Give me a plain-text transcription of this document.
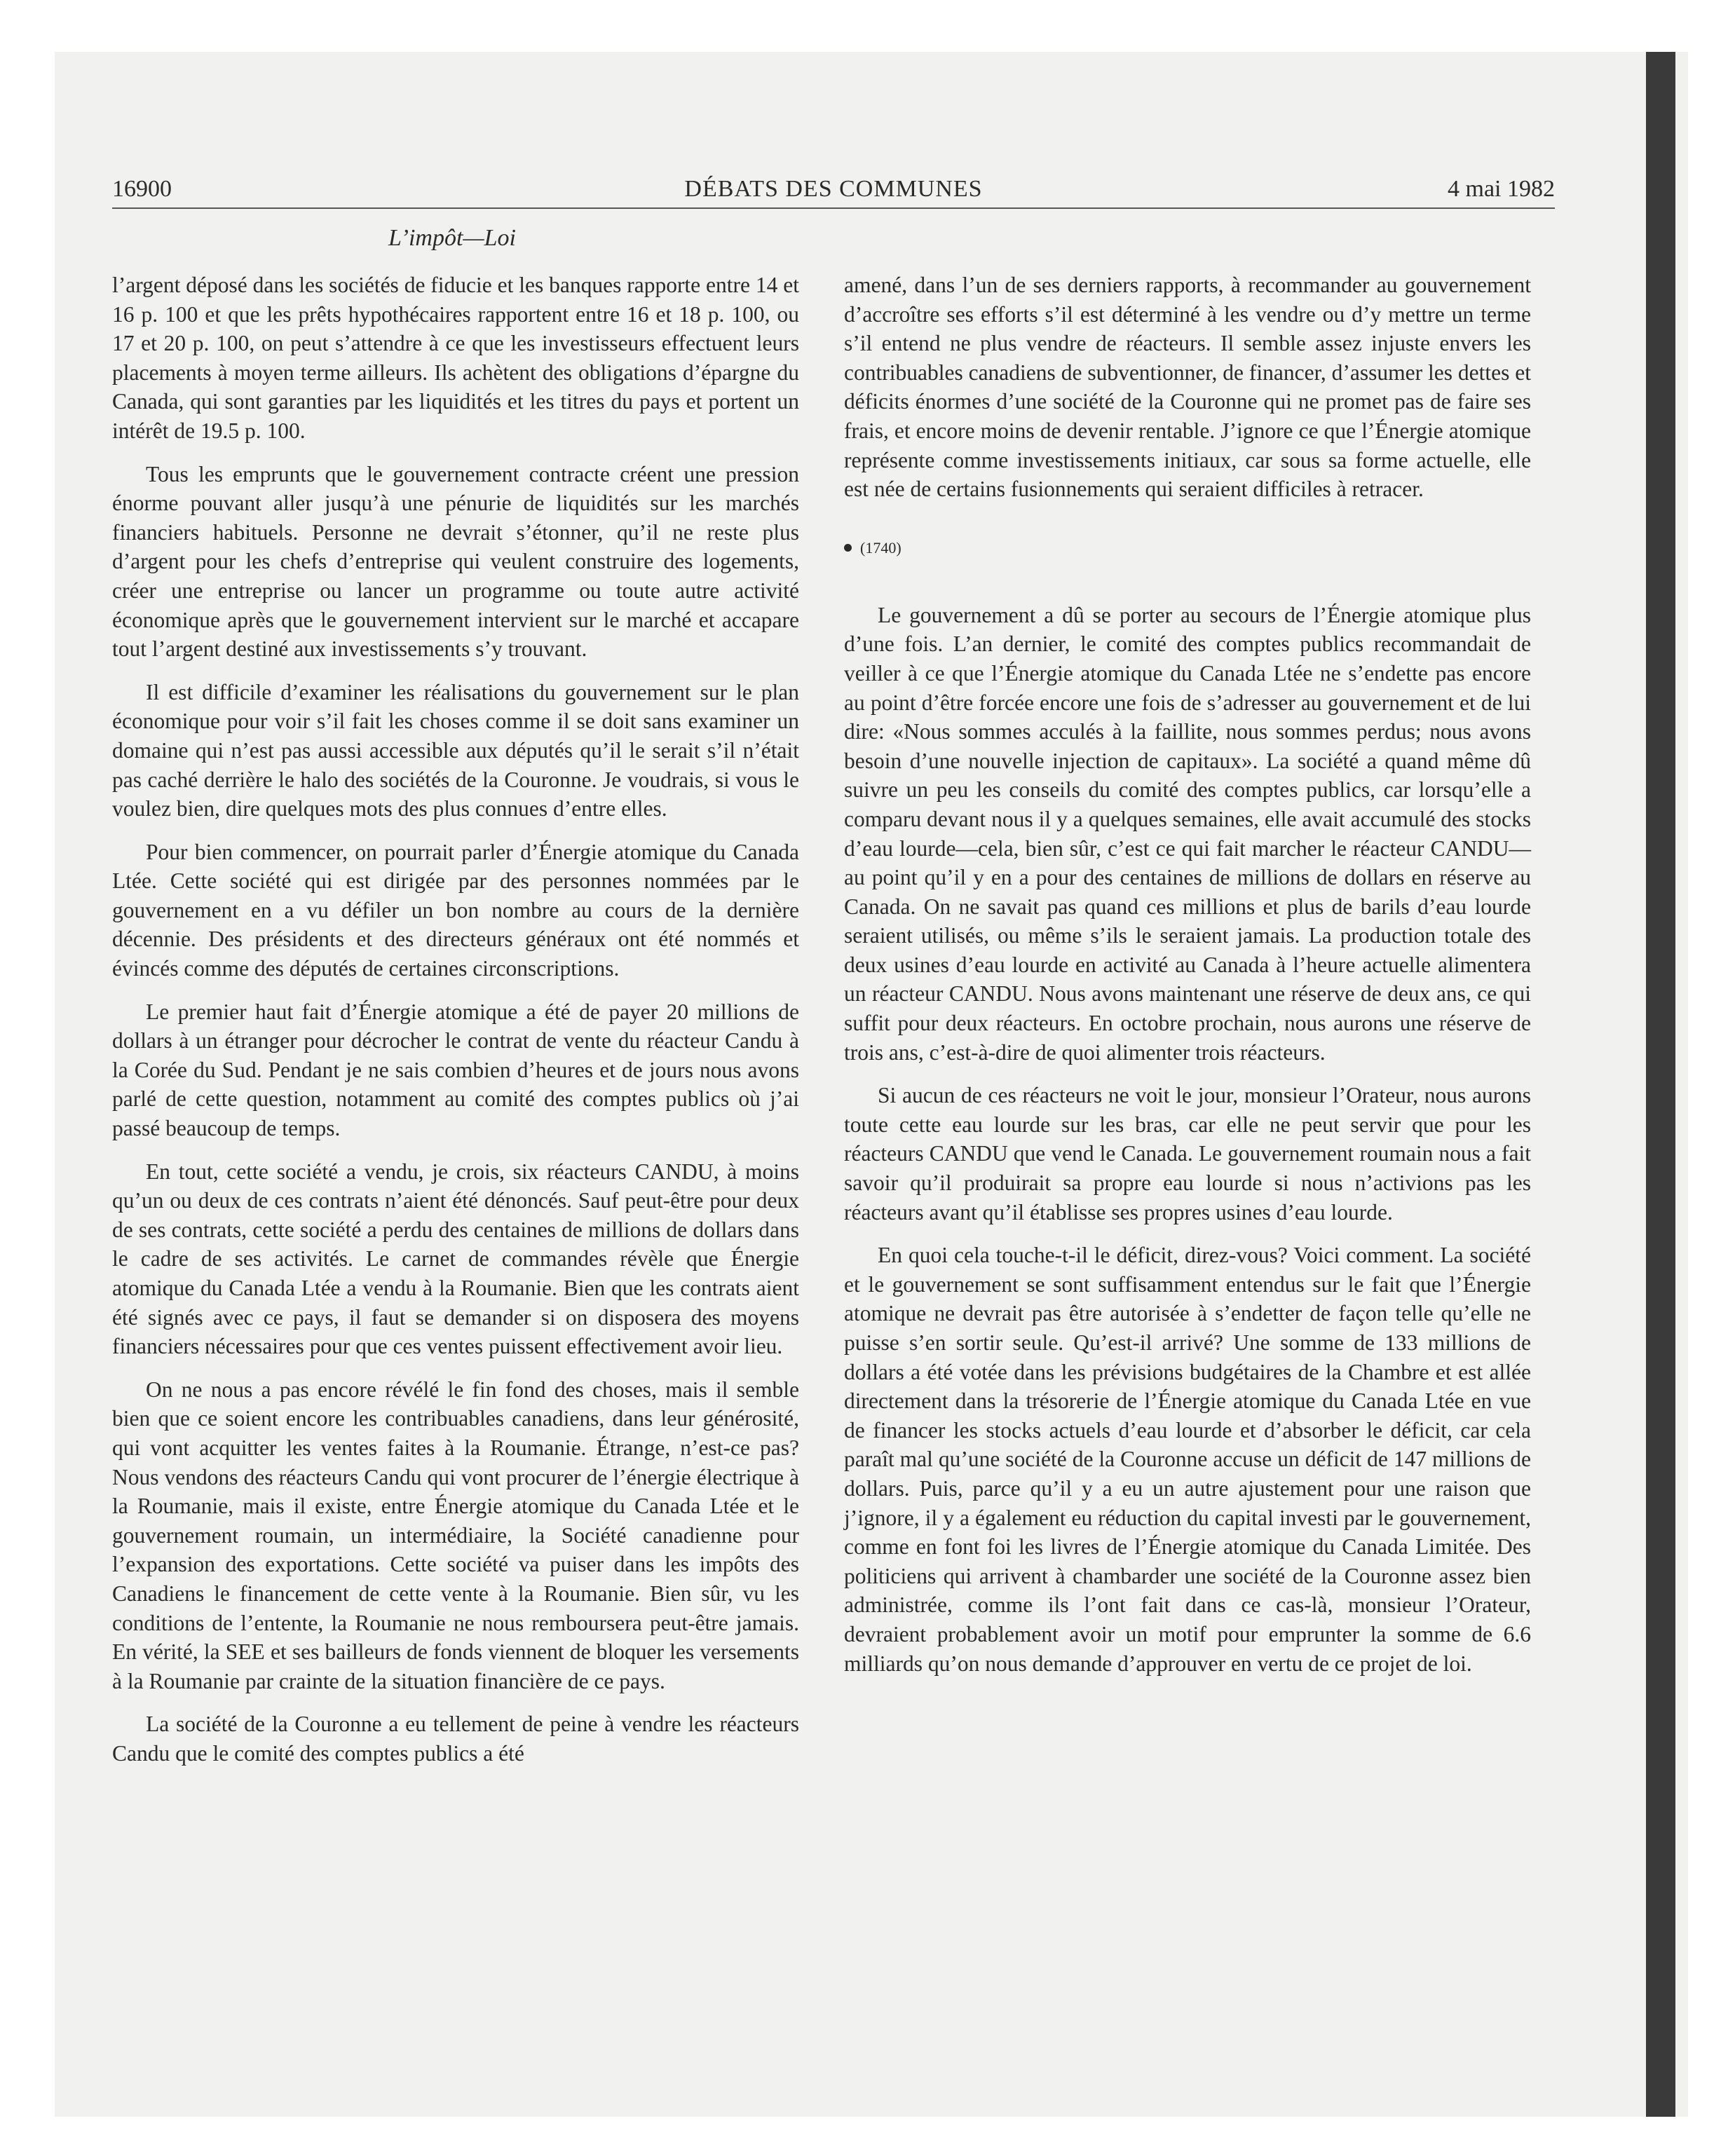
16900	DÉBATS DES COMMUNES	4 mai 1982
L’impôt—Loi

l’argent déposé dans les sociétés de fiducie et les banques rapporte entre 14 et 16 p. 100 et que les prêts hypothécaires rapportent entre 16 et 18 p. 100, ou 17 et 20 p. 100, on peut s’attendre à ce que les investisseurs effectuent leurs placements à moyen terme ailleurs. Ils achètent des obligations d’épargne du Canada, qui sont garanties par les liquidités et les titres du pays et portent un intérêt de 19.5 p. 100.

Tous les emprunts que le gouvernement contracte créent une pression énorme pouvant aller jusqu’à une pénurie de liquidités sur les marchés financiers habituels. Personne ne devrait s’étonner, qu’il ne reste plus d’argent pour les chefs d’entreprise qui veulent construire des logements, créer une entreprise ou lancer un programme ou toute autre activité économique après que le gouvernement intervient sur le marché et accapare tout l’argent destiné aux investissements s’y trouvant.

Il est difficile d’examiner les réalisations du gouvernement sur le plan économique pour voir s’il fait les choses comme il se doit sans examiner un domaine qui n’est pas aussi accessible aux députés qu’il le serait s’il n’était pas caché derrière le halo des sociétés de la Couronne. Je voudrais, si vous le voulez bien, dire quelques mots des plus connues d’entre elles.

Pour bien commencer, on pourrait parler d’Énergie atomique du Canada Ltée. Cette société qui est dirigée par des personnes nommées par le gouvernement en a vu défiler un bon nombre au cours de la dernière décennie. Des présidents et des directeurs généraux ont été nommés et évincés comme des députés de certaines circonscriptions.

Le premier haut fait d’Énergie atomique a été de payer 20 millions de dollars à un étranger pour décrocher le contrat de vente du réacteur Candu à la Corée du Sud. Pendant je ne sais combien d’heures et de jours nous avons parlé de cette question, notamment au comité des comptes publics où j’ai passé beaucoup de temps.

En tout, cette société a vendu, je crois, six réacteurs CANDU, à moins qu’un ou deux de ces contrats n’aient été dénoncés. Sauf peut-être pour deux de ses contrats, cette société a perdu des centaines de millions de dollars dans le cadre de ses activités. Le carnet de commandes révèle que Énergie atomique du Canada Ltée a vendu à la Roumanie. Bien que les contrats aient été signés avec ce pays, il faut se demander si on disposera des moyens financiers nécessaires pour que ces ventes puissent effectivement avoir lieu.

On ne nous a pas encore révélé le fin fond des choses, mais il semble bien que ce soient encore les contribuables canadiens, dans leur générosité, qui vont acquitter les ventes faites à la Roumanie. Étrange, n’est-ce pas? Nous vendons des réacteurs Candu qui vont procurer de l’énergie électrique à la Roumanie, mais il existe, entre Énergie atomique du Canada Ltée et le gouvernement roumain, un intermédiaire, la Société canadienne pour l’expansion des exportations. Cette société va puiser dans les impôts des Canadiens le financement de cette vente à la Roumanie. Bien sûr, vu les conditions de l’entente, la Roumanie ne nous remboursera peut-être jamais. En vérité, la SEE et ses bailleurs de fonds viennent de bloquer les versements à la Roumanie par crainte de la situation financière de ce pays.

La société de la Couronne a eu tellement de peine à vendre les réacteurs Candu que le comité des comptes publics a été

amené, dans l’un de ses derniers rapports, à recommander au gouvernement d’accroître ses efforts s’il est déterminé à les vendre ou d’y mettre un terme s’il entend ne plus vendre de réacteurs. Il semble assez injuste envers les contribuables canadiens de subventionner, de financer, d’assumer les dettes et déficits énormes d’une société de la Couronne qui ne promet pas de faire ses frais, et encore moins de devenir rentable. J’ignore ce que l’Énergie atomique représente comme investissements initiaux, car sous sa forme actuelle, elle est née de certains fusionnements qui seraient difficiles à retracer.

(1740)

Le gouvernement a dû se porter au secours de l’Énergie atomique plus d’une fois. L’an dernier, le comité des comptes publics recommandait de veiller à ce que l’Énergie atomique du Canada Ltée ne s’endette pas encore au point d’être forcée encore une fois de s’adresser au gouvernement et de lui dire: «Nous sommes acculés à la faillite, nous sommes perdus; nous avons besoin d’une nouvelle injection de capitaux». La société a quand même dû suivre un peu les conseils du comité des comptes publics, car lorsqu’elle a comparu devant nous il y a quelques semaines, elle avait accumulé des stocks d’eau lourde—cela, bien sûr, c’est ce qui fait marcher le réacteur CANDU—au point qu’il y en a pour des centaines de millions de dollars en réserve au Canada. On ne savait pas quand ces millions et plus de barils d’eau lourde seraient utilisés, ou même s’ils le seraient jamais. La production totale des deux usines d’eau lourde en activité au Canada à l’heure actuelle alimentera un réacteur CANDU. Nous avons maintenant une réserve de deux ans, ce qui suffit pour deux réacteurs. En octobre prochain, nous aurons une réserve de trois ans, c’est-à-dire de quoi alimenter trois réacteurs.

Si aucun de ces réacteurs ne voit le jour, monsieur l’Orateur, nous aurons toute cette eau lourde sur les bras, car elle ne peut servir que pour les réacteurs CANDU que vend le Canada. Le gouvernement roumain nous a fait savoir qu’il produirait sa propre eau lourde si nous n’activions pas les réacteurs avant qu’il établisse ses propres usines d’eau lourde.

En quoi cela touche-t-il le déficit, direz-vous? Voici comment. La société et le gouvernement se sont suffisamment entendus sur le fait que l’Énergie atomique ne devrait pas être autorisée à s’endetter de façon telle qu’elle ne puisse s’en sortir seule. Qu’est-il arrivé? Une somme de 133 millions de dollars a été votée dans les prévisions budgétaires de la Chambre et est allée directement dans la trésorerie de l’Énergie atomique du Canada Ltée en vue de financer les stocks actuels d’eau lourde et d’absorber le déficit, car cela paraît mal qu’une société de la Couronne accuse un déficit de 147 millions de dollars. Puis, parce qu’il y a eu un autre ajustement pour une raison que j’ignore, il y a également eu réduction du capital investi par le gouvernement, comme en font foi les livres de l’Énergie atomique du Canada Limitée. Des politiciens qui arrivent à chambarder une société de la Couronne assez bien administrée, comme ils l’ont fait dans ce cas-là, monsieur l’Orateur, devraient probablement avoir un motif pour emprunter la somme de 6.6 milliards qu’on nous demande d’approuver en vertu de ce projet de loi.
